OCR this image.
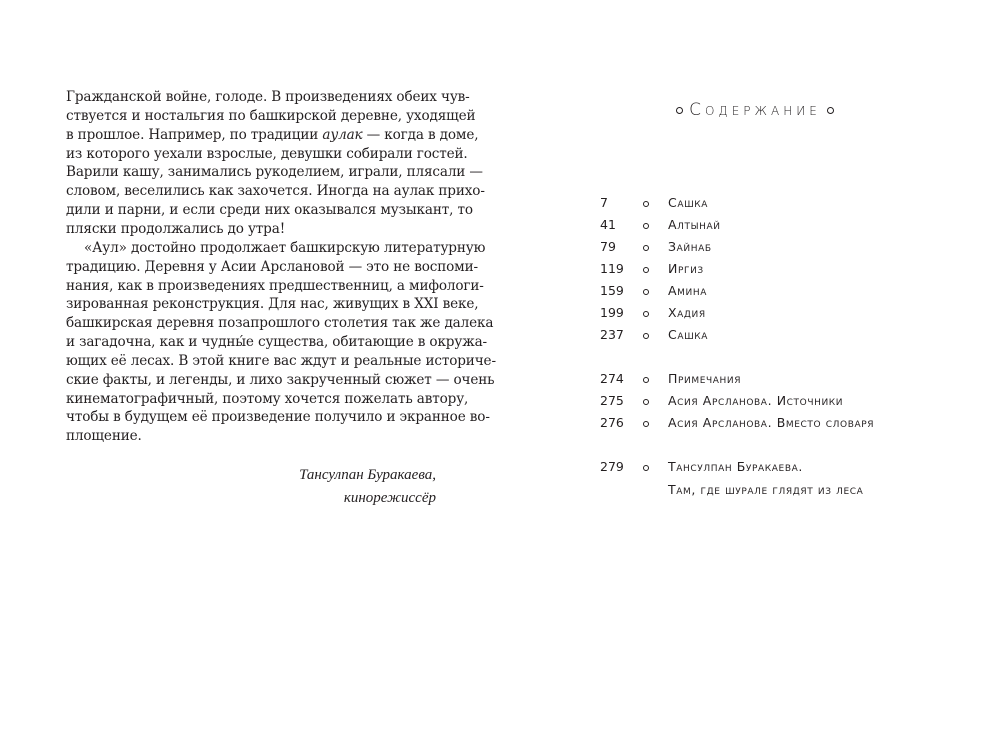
Гражданской войне, голоде. В произведениях обеих чув-
ствуется и ностальгия по башкирской деревне, уходящей
в прошлое. Например, по традиции аулак — когда в доме,
из которого уехали взрослые, девушки собирали гостей.
Варили кашу, занимались рукоделием, играли, плясали —
словом, веселились как захочется. Иногда на аулак прихо-
дили и парни, и если среди них оказывался музыкант, то
пляски продолжались до утра!
«Аул» достойно продолжает башкирскую литературную
традицию. Деревня у Асии Арслановой — это не воспоми-
нания, как в произведениях предшественниц, а мифологи-
зированная реконструкция. Для нас, живущих в XXI веке,
башкирская деревня позапрошлого столетия так же далека
и загадочна, как и чудны́е существа, обитающие в окружа-
ющих её лесах. В этой книге вас ждут и реальные историче-
ские факты, и легенды, и лихо закрученный сюжет — очень
кинематографичный, поэтому хочется пожелать автору,
чтобы в будущем её произведение получило и экранное во-
площение.
Тансулпан Буракаева,
кинорежиссёр
Содержание
7	Сашка
41	Алтынай
79	Зайнаб
119	Иргиз
159	Амина
199	Хадия
237	Сашка
274	Примечания
275	Асия Арсланова. Источники
276	Асия Арсланова. Вместо словаря
279	Тансулпан Буракаева.
Там, где шурале глядят из леса
